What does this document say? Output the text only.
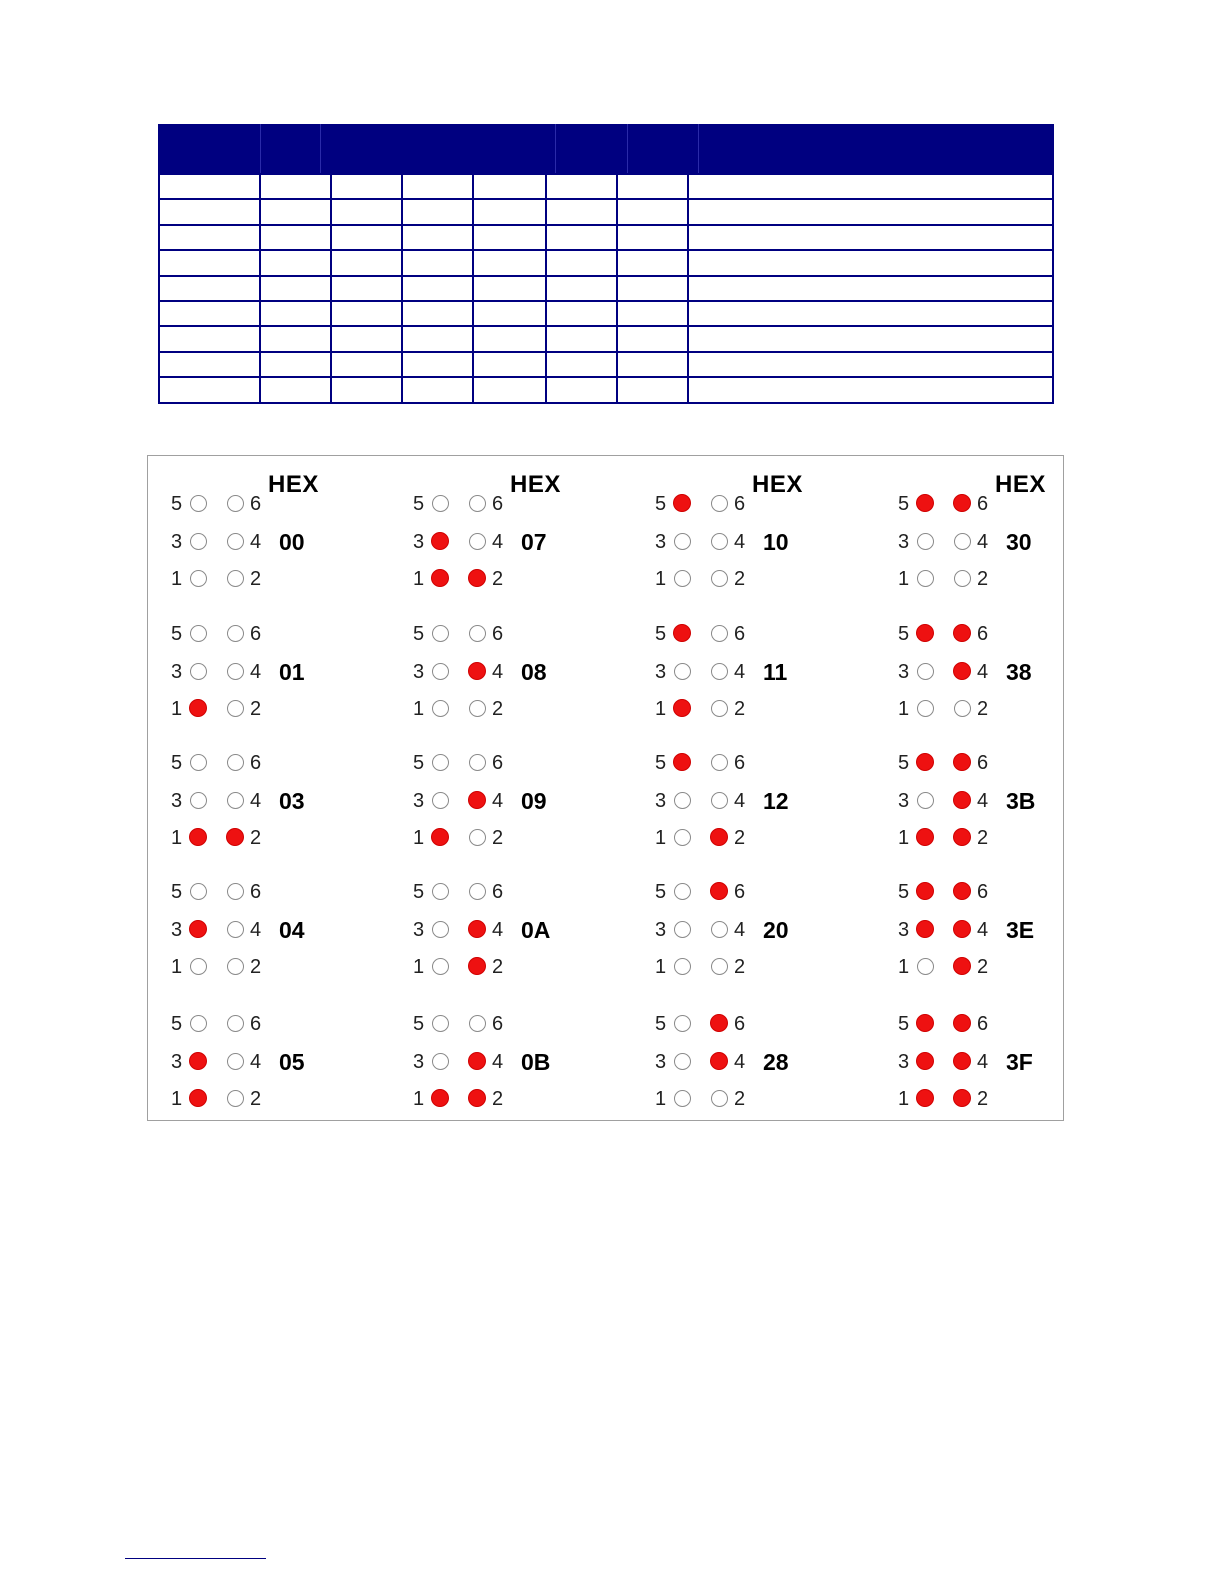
HEX
5	6
3	4
1	2
00
5	6
3	4
1	2
01
5	6
3	4
1	2
03
5	6
3	4
1	2
04
5	6
3	4
1	2
05
HEX
5	6
3	4
1	2
07
5	6
3	4
1	2
08
5	6
3	4
1	2
09
5	6
3	4
1	2
0A
5	6
3	4
1	2
0B
HEX
5	6
3	4
1	2
10
5	6
3	4
1	2
11
5	6
3	4
1	2
12
5	6
3	4
1	2
20
5	6
3	4
1	2
28
HEX
5	6
3	4
1	2
30
5	6
3	4
1	2
38
5	6
3	4
1	2
3B
5	6
3	4
1	2
3E
5	6
3	4
1	2
3F
